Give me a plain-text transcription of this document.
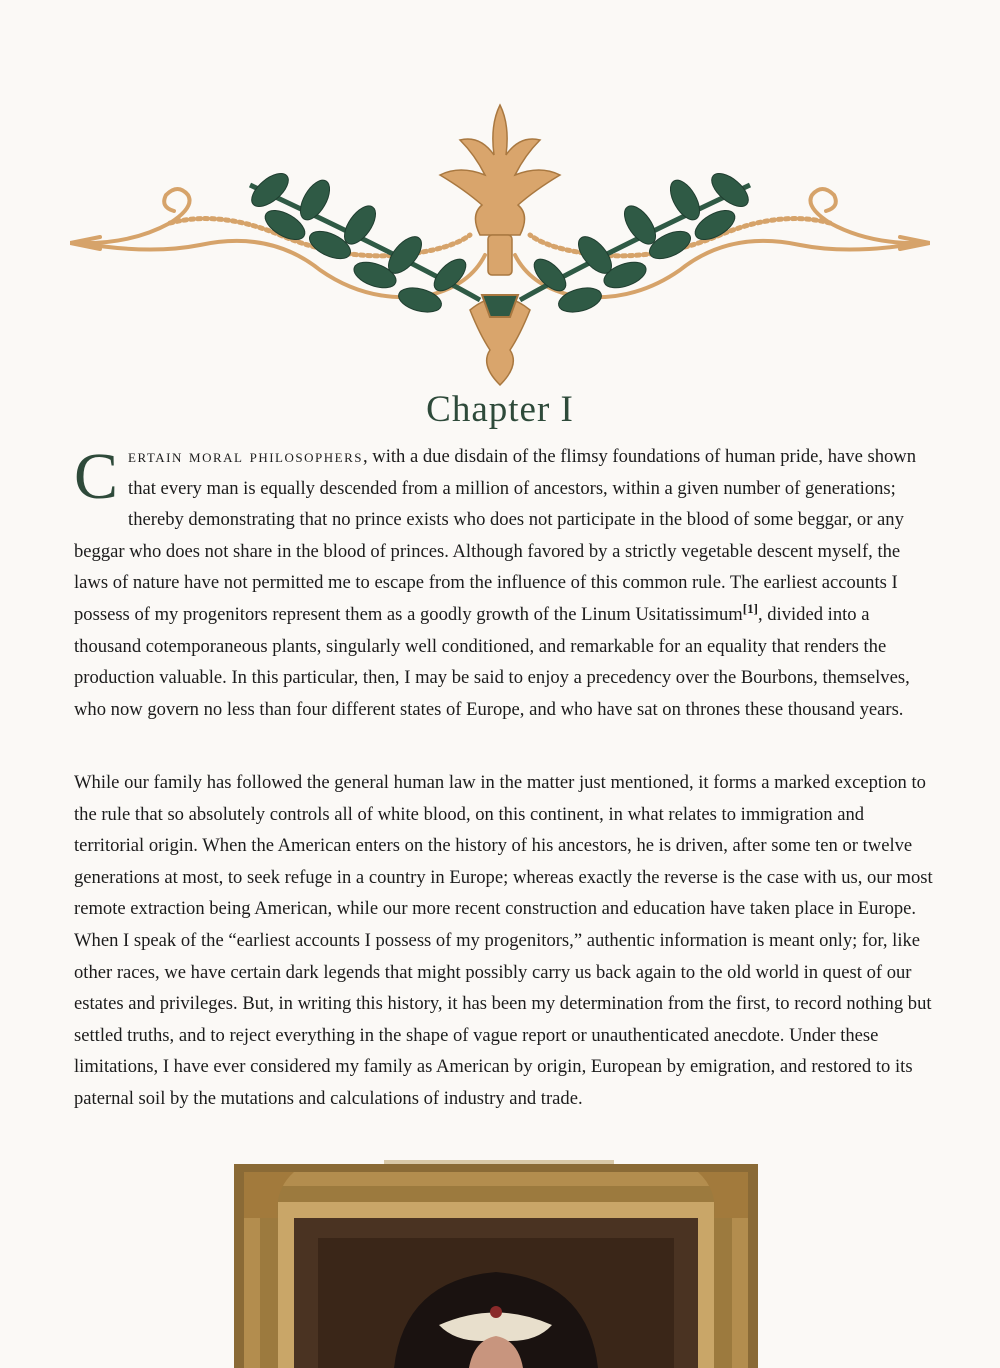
Chapter I

Certain moral philosophers, with a due disdain of the flimsy foundations of human pride, have shown that every man is equally descended from a million of ancestors, within a given number of generations; thereby demonstrating that no prince exists who does not participate in the blood of some beggar, or any beggar who does not share in the blood of princes. Although favored by a strictly vegetable descent myself, the laws of nature have not permitted me to escape from the influence of this common rule. The earliest accounts I possess of my progenitors represent them as a goodly growth of the Linum Usitatissimum[1], divided into a thousand cotemporaneous plants, singularly well conditioned, and remarkable for an equality that renders the production valuable. In this particular, then, I may be said to enjoy a precedency over the Bourbons, themselves, who now govern no less than four different states of Europe, and who have sat on thrones these thousand years.

While our family has followed the general human law in the matter just mentioned, it forms a marked exception to the rule that so absolutely controls all of white blood, on this continent, in what relates to immigration and territorial origin. When the American enters on the history of his ancestors, he is driven, after some ten or twelve generations at most, to seek refuge in a country in Europe; whereas exactly the reverse is the case with us, our most remote extraction being American, while our more recent construction and education have taken place in Europe. When I speak of the “earliest accounts I possess of my progenitors,” authentic information is meant only; for, like other races, we have certain dark legends that might possibly carry us back again to the old world in quest of our estates and privileges. But, in writing this history, it has been my determination from the first, to record nothing but settled truths, and to reject everything in the shape of vague report or unauthenticated anecdote. Under these limitations, I have ever considered my family as American by origin, European by emigration, and restored to its paternal soil by the mutations and calculations of industry and trade.
